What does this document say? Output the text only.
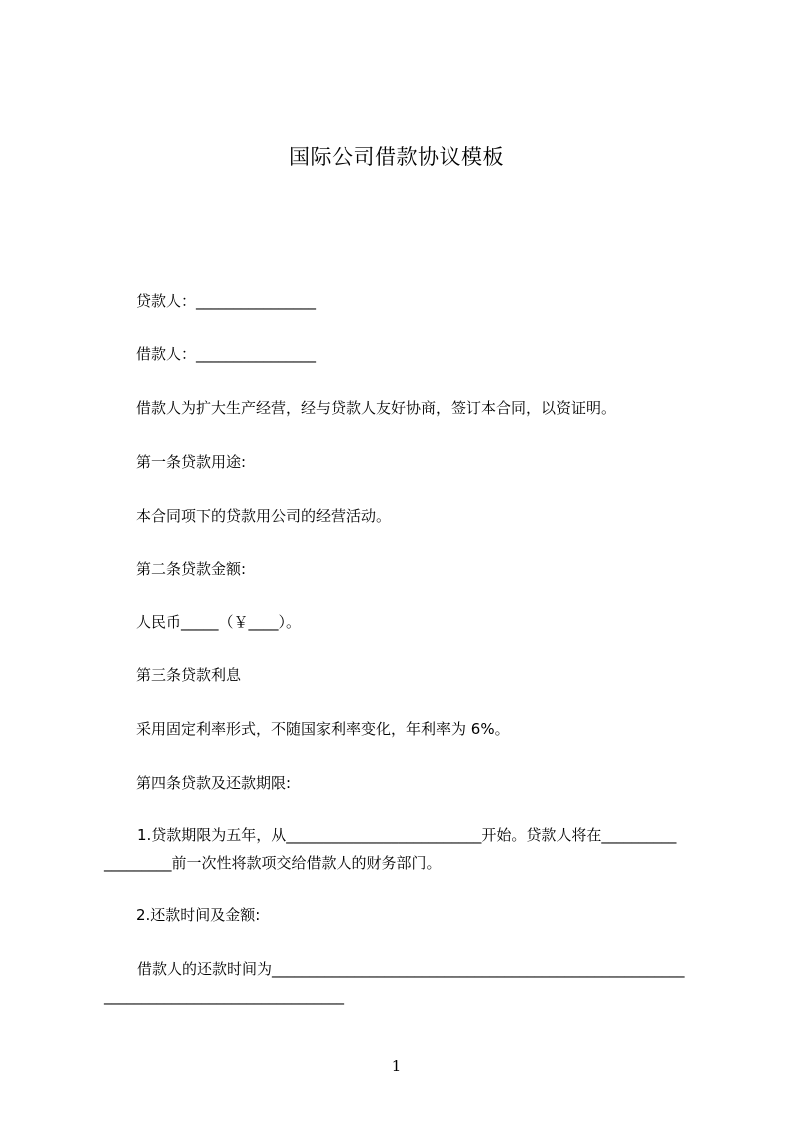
国际公司借款协议模板
贷款人：________________
借款人：________________
借款人为扩大生产经营，经与贷款人友好协商，签订本合同，以资证明。
第一条贷款用途:
本合同项下的贷款用公司的经营活动。
第二条贷款金额:
人民币_____（￥____）。
第三条贷款利息
采用固定利率形式，不随国家利率变化，年利率为 6%。
第四条贷款及还款期限:
1.贷款期限为五年，从__________________________开始。贷款人将在__________
_________前一次性将款项交给借款人的财务部门。
2.还款时间及金额:
借款人的还款时间为_______________________________________________________
________________________________
1
